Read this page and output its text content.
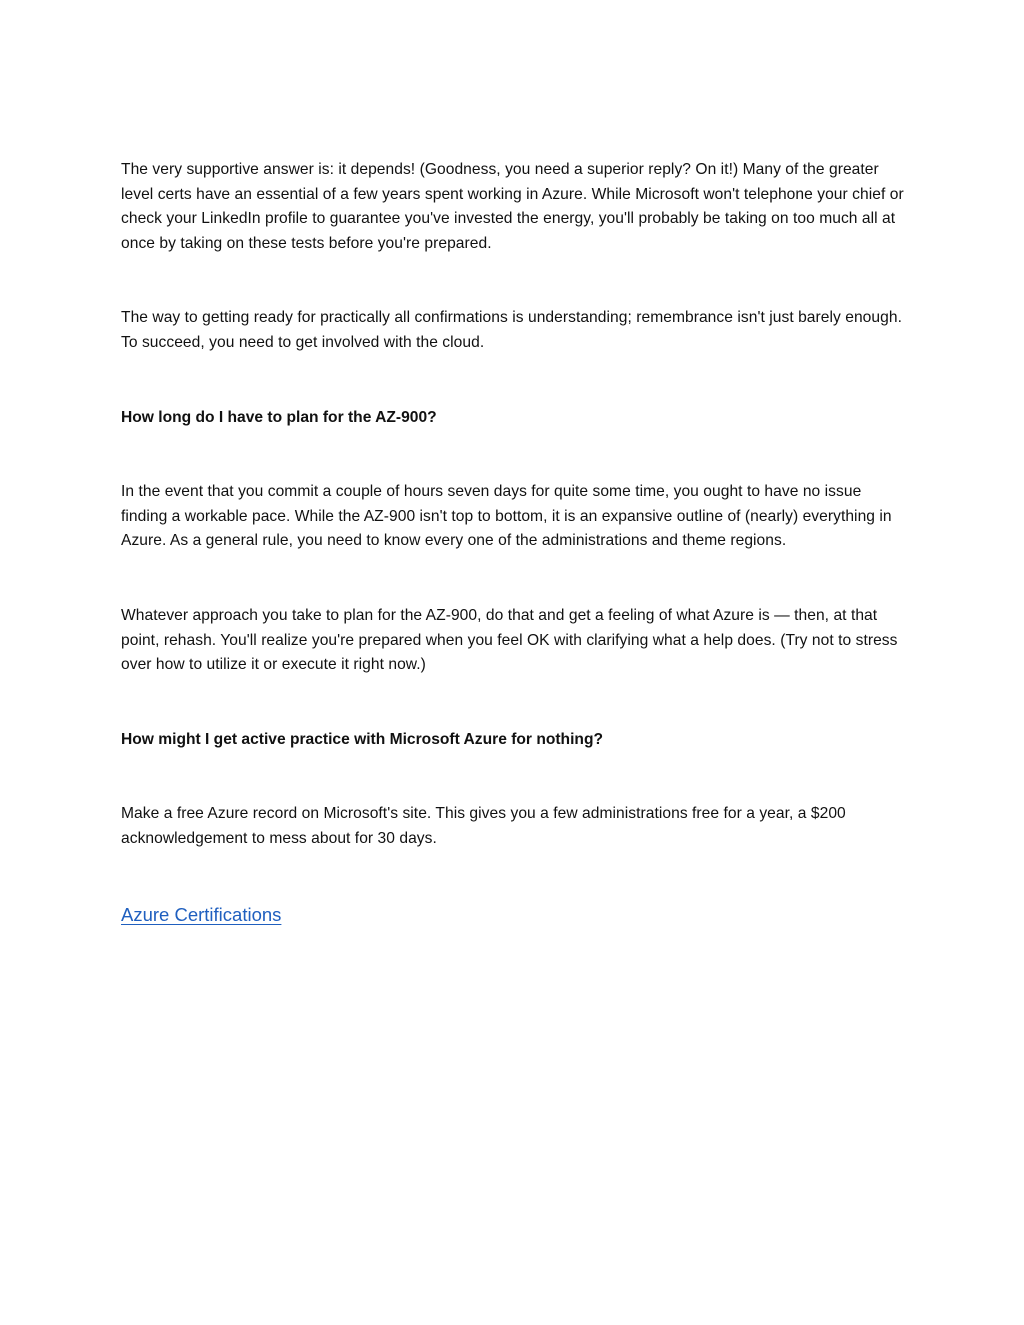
The very supportive answer is: it depends! (Goodness, you need a superior reply? On it!) Many of the greater level certs have an essential of a few years spent working in Azure. While Microsoft won't telephone your chief or check your LinkedIn profile to guarantee you've invested the energy, you'll probably be taking on too much all at once by taking on these tests before you're prepared.

The way to getting ready for practically all confirmations is understanding; remembrance isn't just barely enough. To succeed, you need to get involved with the cloud.

How long do I have to plan for the AZ-900?

In the event that you commit a couple of hours seven days for quite some time, you ought to have no issue finding a workable pace. While the AZ-900 isn't top to bottom, it is an expansive outline of (nearly) everything in Azure. As a general rule, you need to know every one of the administrations and theme regions.

Whatever approach you take to plan for the AZ-900, do that and get a feeling of what Azure is — then, at that point, rehash. You'll realize you're prepared when you feel OK with clarifying what a help does. (Try not to stress over how to utilize it or execute it right now.)

How might I get active practice with Microsoft Azure for nothing?

Make a free Azure record on Microsoft's site. This gives you a few administrations free for a year, a $200 acknowledgement to mess about for 30 days.

Azure Certifications
